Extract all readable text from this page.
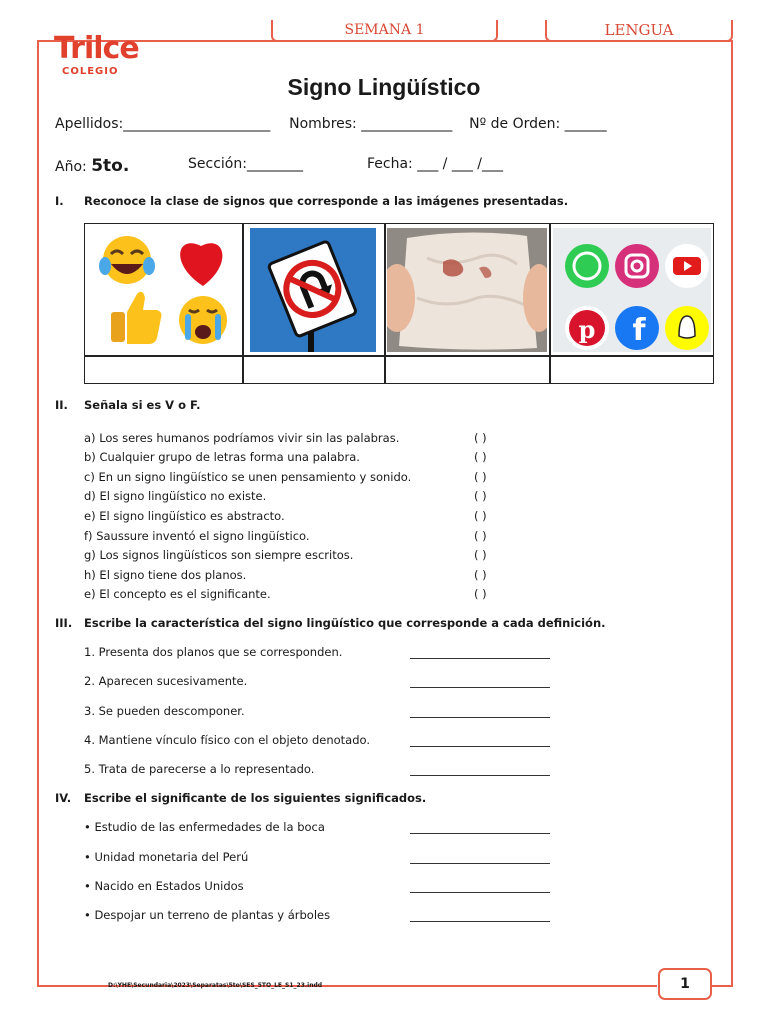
SEMANA 1	LENGUA
Trilce
COLEGIO
Signo Lingüístico
Apellidos:_____________________ Nombres: _____________ Nº de Orden: ______
Año: 5to.	Sección:________	Fecha: ___ / ___ /___
I. Reconoce la clase de signos que corresponde a las imágenes presentadas.
p f
II. Señala si es V o F.
a) Los seres humanos podríamos vivir sin las palabras.	( )
b) Cualquier grupo de letras forma una palabra.	( )
c) En un signo lingüístico se unen pensamiento y sonido.	( )
d) El signo lingüístico no existe.	( )
e) El signo lingüístico es abstracto.	( )
f) Saussure inventó el signo lingüístico.	( )
g) Los signos lingüísticos son siempre escritos.	( )
h) El signo tiene dos planos.	( )
e) El concepto es el significante.	( )
III. Escribe la característica del signo lingüístico que corresponde a cada definición.
1. Presenta dos planos que se corresponden.
2. Aparecen sucesivamente.
3. Se pueden descomponer.
4. Mantiene vínculo físico con el objeto denotado.
5. Trata de parecerse a lo representado.
IV. Escribe el significante de los siguientes significados.
• Estudio de las enfermedades de la boca
• Unidad monetaria del Perú
• Nacido en Estados Unidos
• Despojar un terreno de plantas y árboles
D:\YHE\Secundaria\2023\Separatas\5to\SES_5TO_LE_S1_23.indd	1
